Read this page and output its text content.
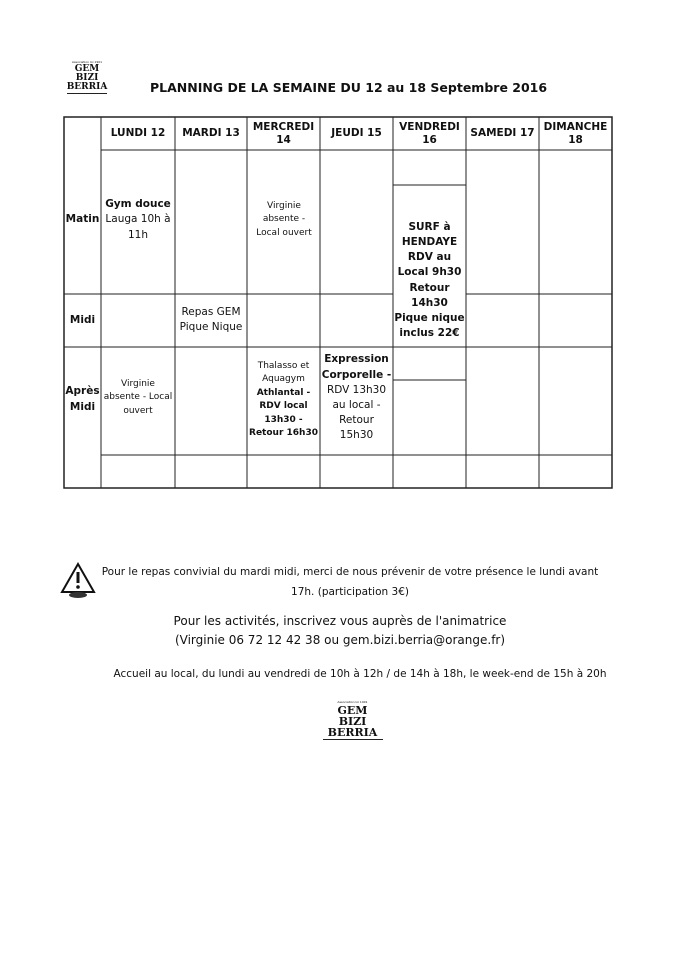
Association loi 1901
GEM
BIZI
BERRIA	PLANNING DE LA SEMAINE DU 12 au 18 Septembre 2016
LUNDI 12	MARDI 13
MERCREDI 14
JEUDI 15
VENDREDI 16
SAMEDI 17
DIMANCHE 18
Matin
Midi
Après Midi
Gym douce
Lauga 10h à 11h
Virginie absente - Local ouvert
SURF à HENDAYE
RDV au Local 9h30 Retour 14h30 Pique nique inclus 22€
Repas GEM Pique Nique
Virginie absente - Local ouvert
Thalasso et Aquagym
Athlantal - RDV local 13h30 - Retour 16h30
Expression Corporelle -
RDV 13h30 au local - Retour 15h30
Pour le repas convivial du mardi midi, merci de nous prévenir de votre présence le lundi avant 17h. (participation 3€)
Pour les activités, inscrivez vous auprès de l'animatrice
(Virginie 06 72 12 42 38 ou gem.bizi.berria@orange.fr)
Accueil au local, du lundi au vendredi de 10h à 12h / de 14h à 18h, le week-end de 15h à 20h
Association loi 1901
GEM
BIZI
BERRIA
